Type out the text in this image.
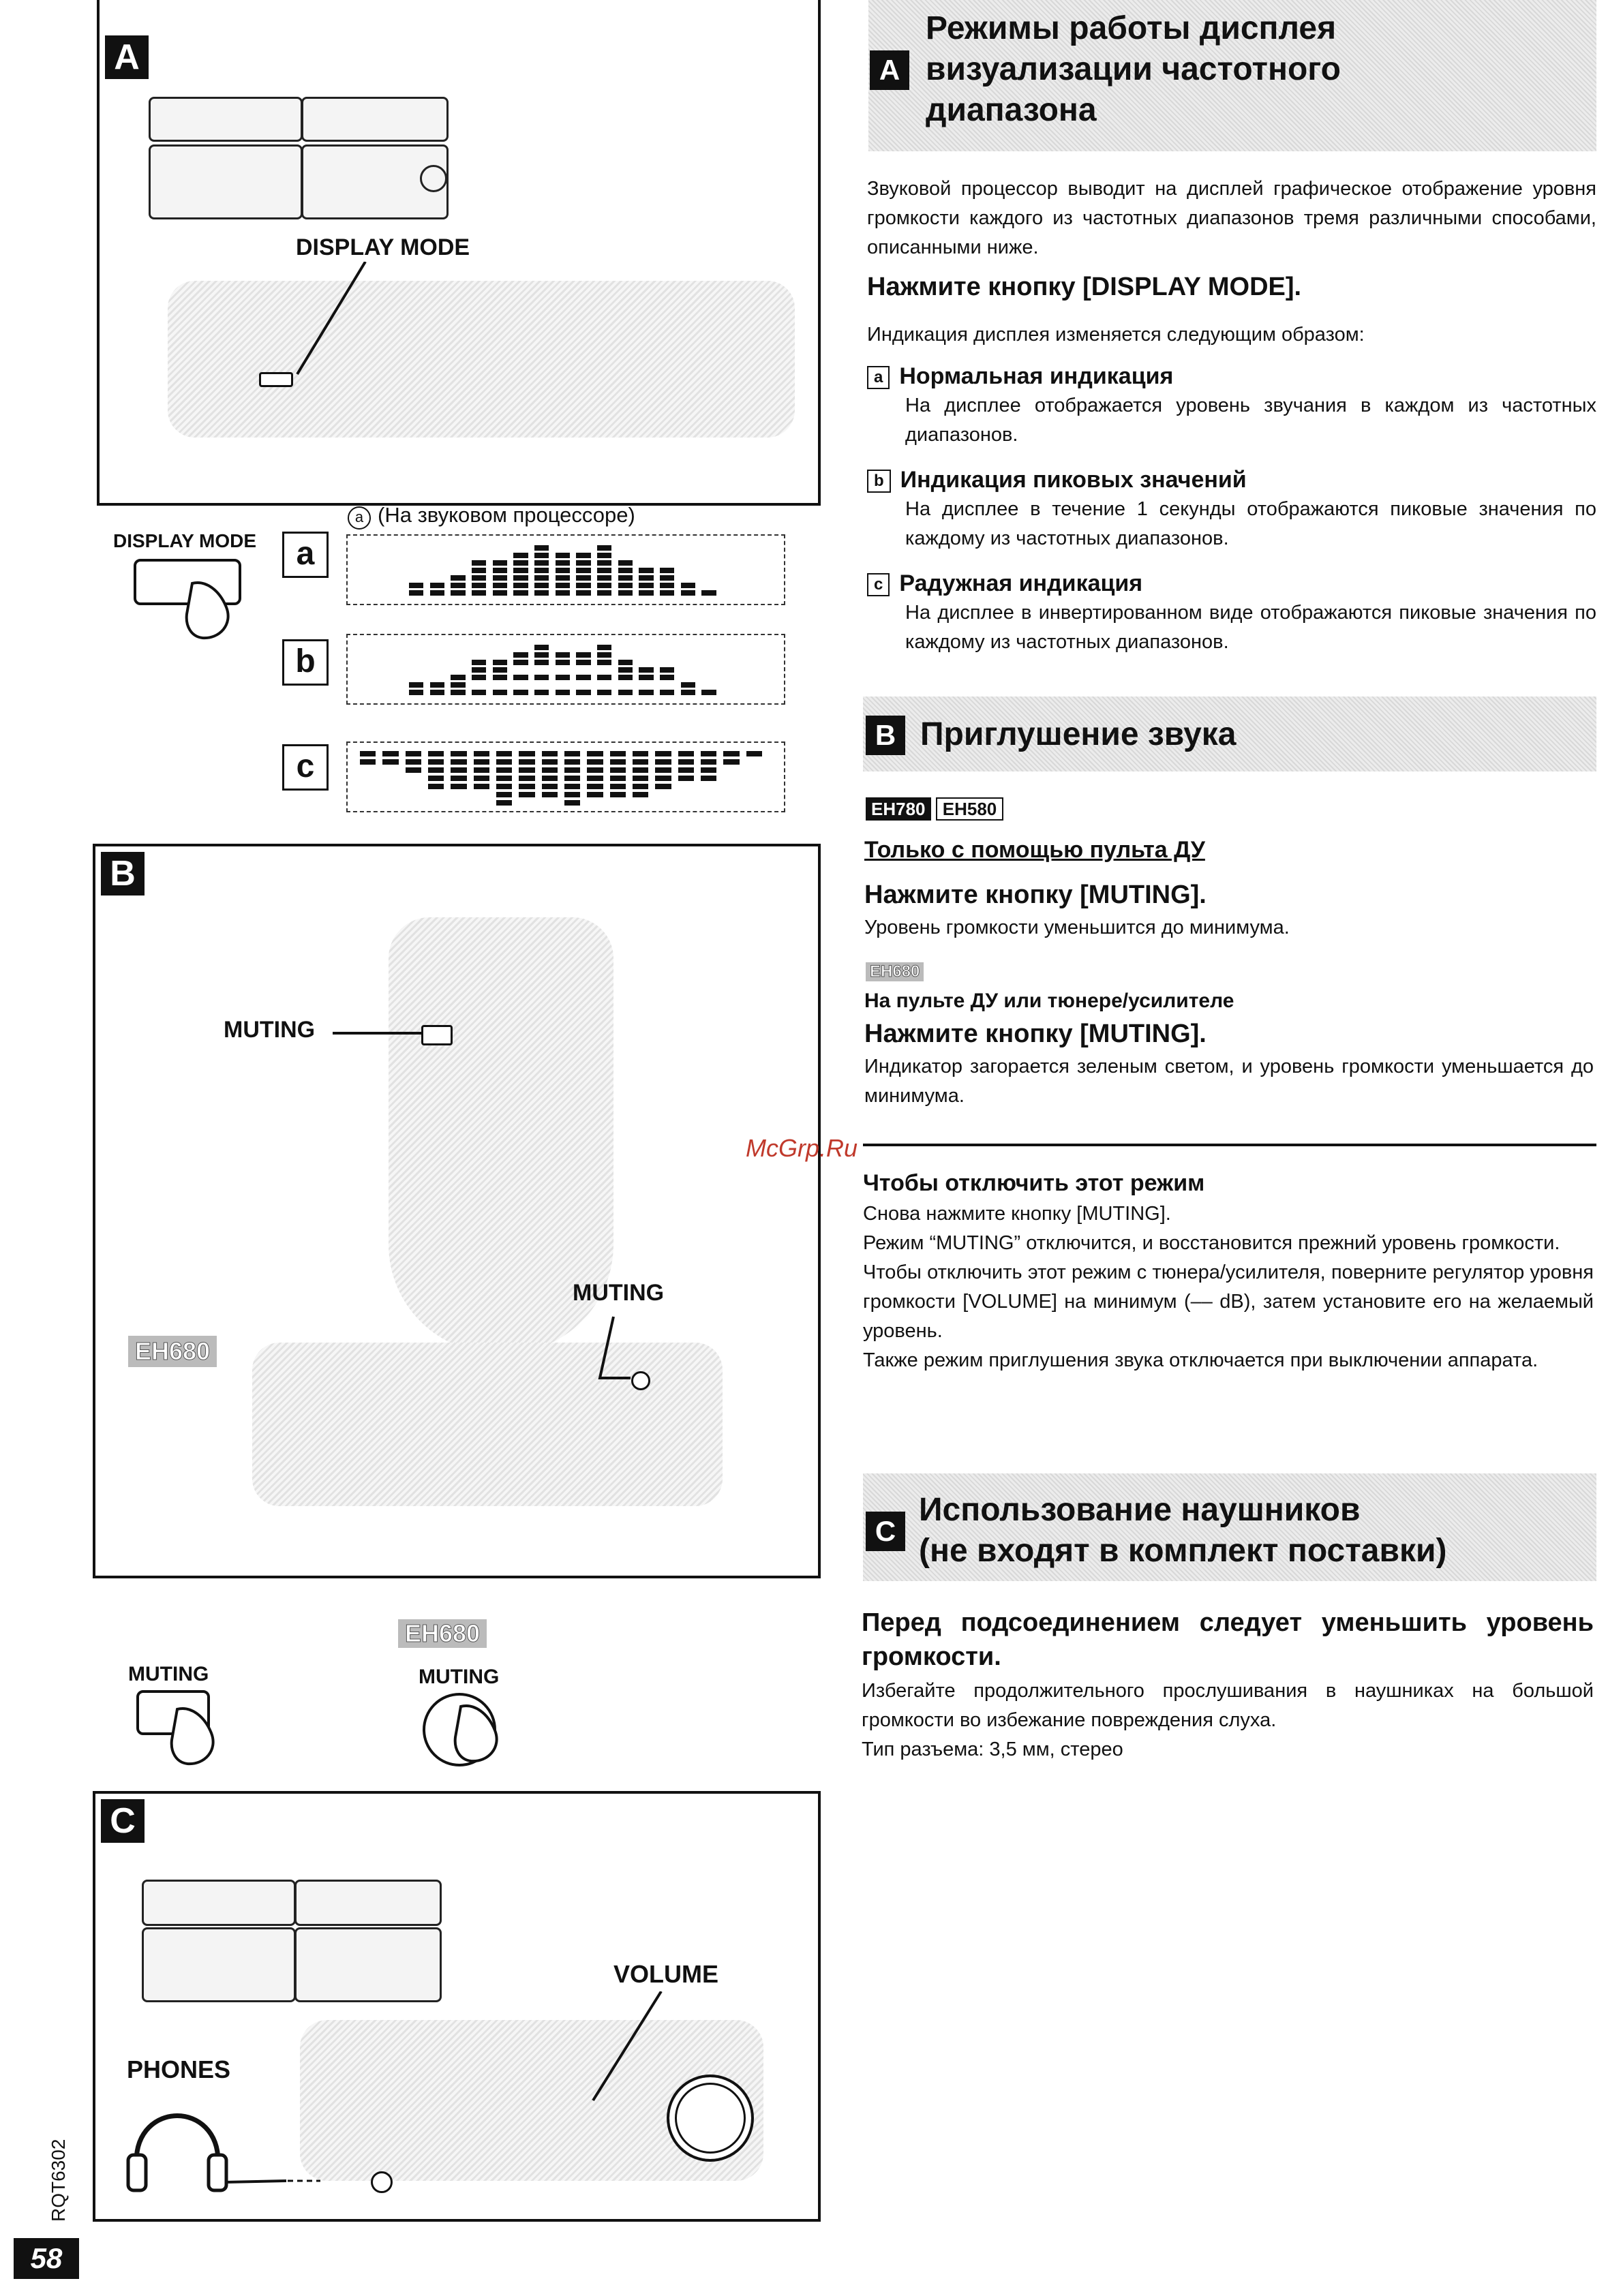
A
DISPLAY MODE
DISPLAY MODE
a (На звуковом процессоре)
a
b
c
B
MUTING
MUTING
EH680
MUTING
EH680
MUTING
C
VOLUME
PHONES
RQT6302
58
A
Режимы работы дисплея
визуализации частотного
диапазона
Звуковой процессор выводит на дисплей графическое отображение уровня громкости каждого из частотных диапазонов тремя различными способами, описанными ниже.
Нажмите кнопку [DISPLAY MODE].
Индикация дисплея изменяется следующим образом:
a Нормальная индикация
На дисплее отображается уровень звучания в каждом из частотных диапазонов.
b Индикация пиковых значений
На дисплее в течение 1 секунды отображаются пиковые значения по каждому из частотных диапазонов.
c Радужная индикация
На дисплее в инвертированном виде отображаются пиковые значения по каждому из частотных диапазонов.
B Приглушение звука
EH780 EH580
Только с помощью пульта ДУ
Нажмите кнопку [MUTING].
Уровень громкости уменьшится до минимума.
EH680
На пульте ДУ или тюнере/усилителе
Нажмите кнопку [MUTING].
Индикатор загорается зеленым светом, и уровень громкости уменьшается до минимума.
McGrp.Ru
Чтобы отключить этот режим
Снова нажмите кнопку [MUTING].
Режим “MUTING” отключится, и восстановится прежний уровень громкости.
Чтобы отключить этот режим с тюнера/усилителя, поверните регулятор уровня громкости [VOLUME] на минимум (–– dB), затем установите его на желаемый уровень.
Также режим приглушения звука отключается при выключении аппарата.
C
Использование наушников
(не входят в комплект поставки)
Перед подсоединением следует уменьшить уровень громкости.
Избегайте продолжительного прослушивания в наушниках на большой громкости во избежание повреждения слуха.
Тип разъема: 3,5 мм, стерео
